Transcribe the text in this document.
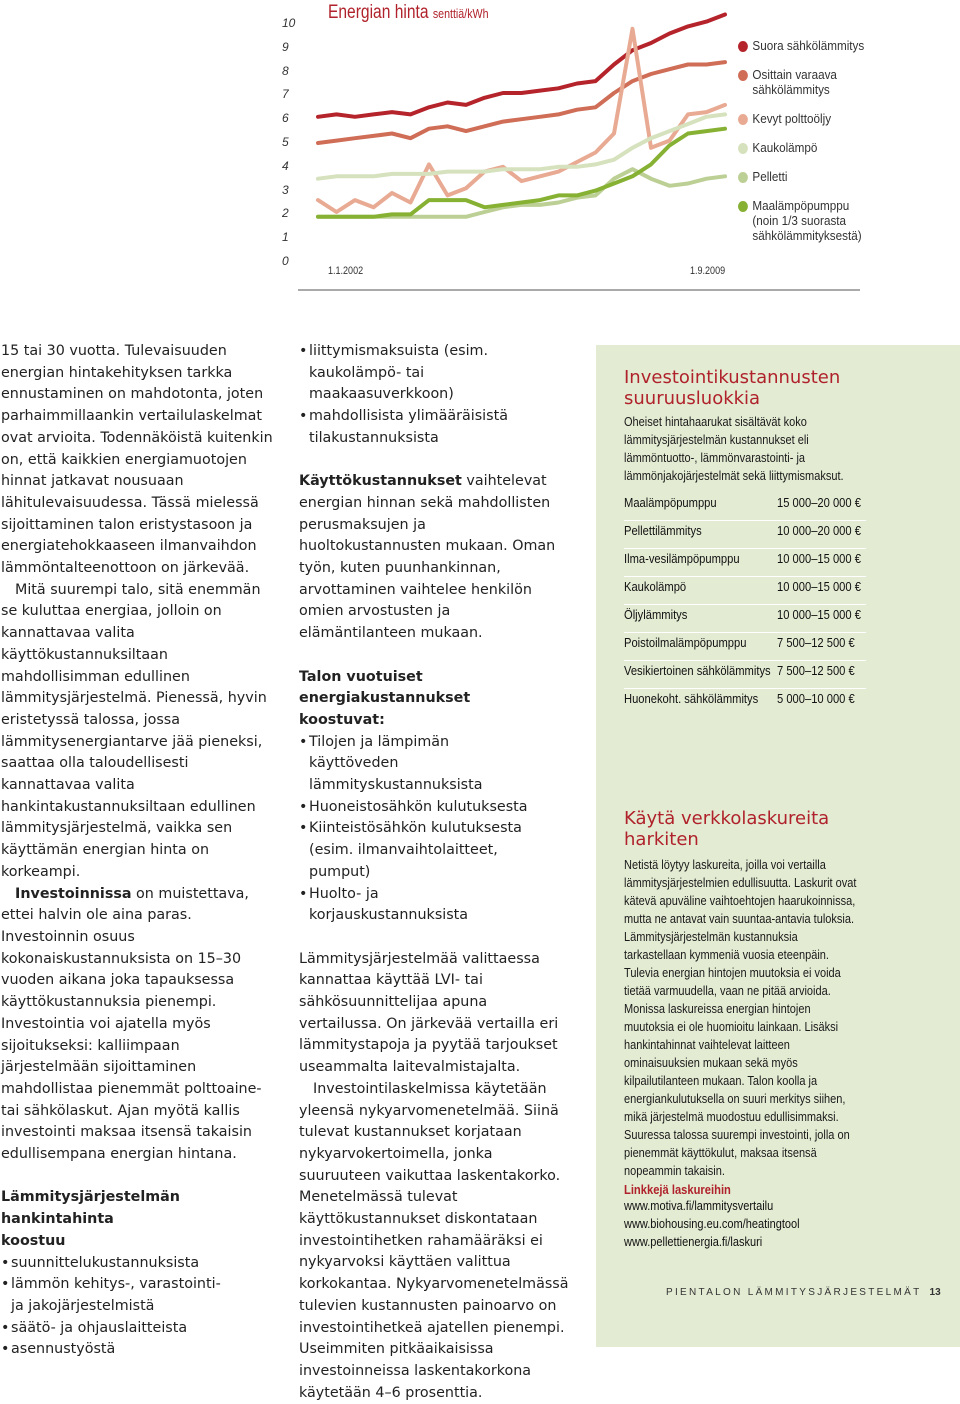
Energian hinta senttiä/kWh
0
1
2
3
4
5
6
7
8
9
10
1.1.2002	1.9.2009
Suora sähkölämmitys
Osittain varaava
sähkölämmitys
Kevyt polttoöljy
Kaukolämpö
Pelletti
Maalämpöpumppu
(noin 1/3 suorasta
sähkölämmityksestä)

15 tai 30 vuotta. Tulevaisuuden energian hintakehityksen tarkka ennustaminen on mahdotonta, joten parhaimmillaankin vertailulaskelmat ovat arvioita. Todennäköistä kuitenkin on, että kaikkien energiamuotojen hinnat jatkavat nousuaan lähitulevaisuudessa. Tässä mielessä sijoittaminen talon eristystasoon ja energiatehokkaaseen ilmanvaihdon lämmöntalteenottoon on järkevää.

Mitä suurempi talo, sitä enemmän se kuluttaa energiaa, jolloin on kannattavaa valita käyttökustannuksiltaan mahdollisimman edullinen lämmitysjärjestelmä. Pienessä, hyvin eristetyssä talossa, jossa lämmitysenergiantarve jää pieneksi, saattaa olla taloudellisesti kannattavaa valita hankintakustannuksiltaan edullinen lämmitysjärjestelmä, vaikka sen käyttämän energian hinta on korkeampi.

Investoinnissa on muistettava, ettei halvin ole aina paras. Investoinnin osuus kokonaiskustannuksista on 15–30 vuoden aikana joka tapauksessa käyttökustannuksia pienempi. Investointia voi ajatella myös sijoitukseksi: kalliimpaan järjestelmään sijoittaminen mahdollistaa pienemmät polttoaine- tai sähkölaskut. Ajan myötä kallis investointi maksaa itsensä takaisin edullisempana energian hintana.

Lämmitysjärjestelmän hankintahinta koostuu

• suunnittelukustannuksista
• lämmön kehitys-, varastointi- ja jakojärjestelmistä
• säätö- ja ohjauslaitteista
• asennustyöstä
• liittymismaksuista (esim. kaukolämpö- tai maakaasuverkkoon)
• mahdollisista ylimääräisistä tilakustannuksista

Käyttökustannukset vaihtelevat energian hinnan sekä mahdollisten perusmaksujen ja huoltokustannusten mukaan. Oman työn, kuten puunhankinnan, arvottaminen vaihtelee henkilön omien arvostusten ja elämäntilanteen mukaan.

Talon vuotuiset energiakustannukset koostuvat:

• Tilojen ja lämpimän käyttöveden lämmityskustannuksista
• Huoneistosähkön kulutuksesta
• Kiinteistösähkön kulutuksesta (esim. ilmanvaihtolaitteet, pumput)
• Huolto- ja korjauskustannuksista

Lämmitysjärjestelmää valittaessa kannattaa käyttää LVI- tai sähkösuunnittelijaa apuna vertailussa. On järkevää vertailla eri lämmitystapoja ja pyytää tarjoukset useammalta laitevalmistajalta.

Investointilaskelmissa käytetään yleensä nykyarvomenetelmää. Siinä tulevat kustannukset korjataan nykyarvokertoimella, jonka suuruuteen vaikuttaa laskentakorko. Menetelmässä tulevat käyttökustannukset diskontataan investointihetken rahamääräksi ei nykyarvoksi käyttäen valittua korkokantaa. Nykyarvomenetelmässä tulevien kustannusten painoarvo on investointihetkeä ajatellen pienempi. Useimmiten pitkäaikaisissa investoinneissa laskentakorkona käytetään 4–6 prosenttia.

Investointikustannusten suuruusluokkia

Oheiset hintahaarukat sisältävät koko lämmitysjärjestelmän kustannukset eli lämmöntuotto-, lämmönvarastointi- ja lämmönjakojärjestelmät sekä liittymismaksut.

Maalämpöpumppu	15 000–20 000 €
Pellettilämmitys	10 000–20 000 €
Ilma-vesilämpöpumppu	10 000–15 000 €
Kaukolämpö	10 000–15 000 €
Öljylämmitys	10 000–15 000 €
Poistoilmalämpöpumppu 7 500–12 500 €
Vesikiertoinen sähkölämmitys 7 500–12 500 €
Huonekoht. sähkölämmitys 5 000–10 000 €

Käytä verkkolaskureita harkiten

Netistä löytyy laskureita, joilla voi vertailla lämmitysjärjestelmien edullisuutta. Laskurit ovat kätevä apuväline vaihtoehtojen haarukoinnissa, mutta ne antavat vain suuntaa-antavia tuloksia. Lämmitysjärjestelmän kustannuksia tarkastellaan kymmeniä vuosia eteenpäin. Tulevia energian hintojen muutoksia ei voida tietää varmuudella, vaan ne pitää arvioida. Monissa laskureissa energian hintojen muutoksia ei ole huomioitu lainkaan. Lisäksi hankintahinnat vaihtelevat laitteen ominaisuuksien mukaan sekä myös kilpailutilanteen mukaan. Talon koolla ja energiankulutuksella on suuri merkitys siihen, mikä järjestelmä muodostuu edullisimmaksi. Suuressa talossa suurempi investointi, jolla on pienemmät käyttökulut, maksaa itsensä nopeammin takaisin.

Linkkejä laskureihin
www.motiva.fi/lammitysvertailu
www.biohousing.eu.com/heatingtool
www.pellettienergia.fi/laskuri
PIENTALON LÄMMITYSJÄRJESTELMÄT 13
